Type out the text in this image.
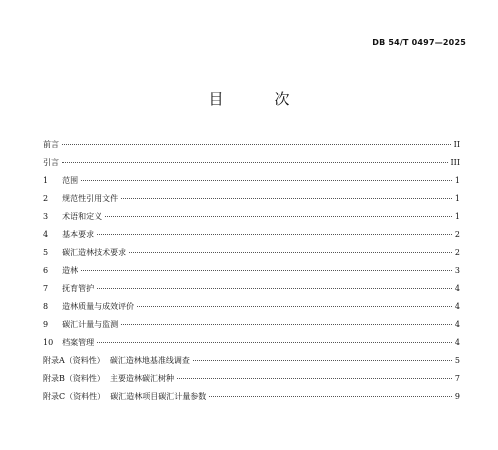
DB 54/T 0497—2025
目　次
前言	II
引言	III
1 范围	1
2 规范性引用文件	1
3 术语和定义	1
4 基本要求	2
5 碳汇造林技术要求	2
6 造林	3
7 抚育管护	4
8 造林质量与成效评价	4
9 碳汇计量与监测	4
10 档案管理	4
附录A（资料性） 碳汇造林地基准线调查	5
附录B（资料性） 主要造林碳汇树种	7
附录C（资料性） 碳汇造林项目碳汇计量参数	9
